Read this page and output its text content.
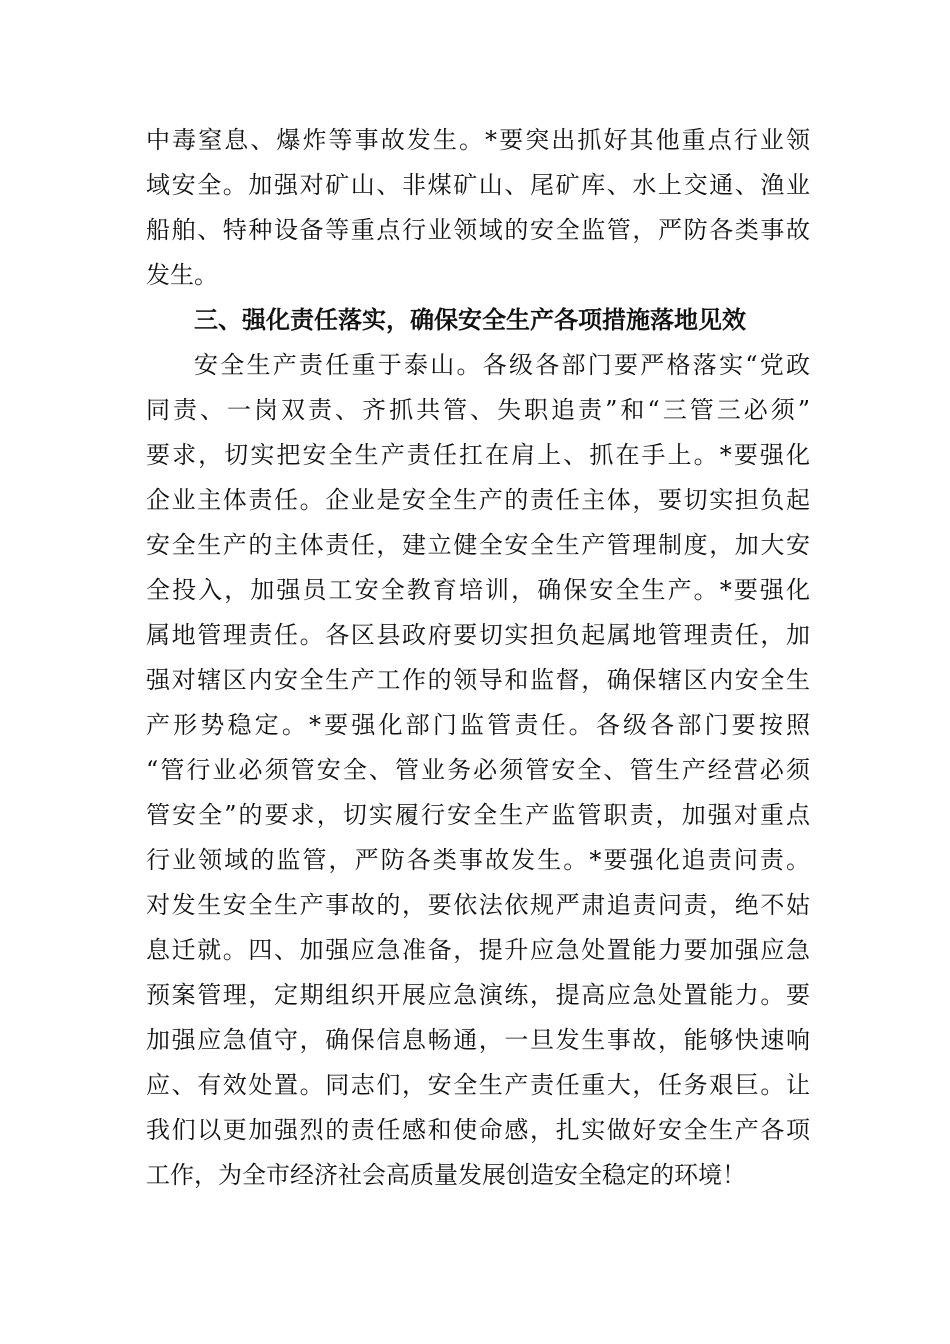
中毒窒息、爆炸等事故发生。*要突出抓好其他重点行业领
域安全。加强对矿山、非煤矿山、尾矿库、水上交通、渔业
船舶、特种设备等重点行业领域的安全监管，严防各类事故
发生。
三、强化责任落实，确保安全生产各项措施落地见效
安全生产责任重于泰山。各级各部门要严格落实“党政
同责、一岗双责、齐抓共管、失职追责”和“三管三必须”
要求，切实把安全生产责任扛在肩上、抓在手上。*要强化
企业主体责任。企业是安全生产的责任主体，要切实担负起
安全生产的主体责任，建立健全安全生产管理制度，加大安
全投入，加强员工安全教育培训，确保安全生产。*要强化
属地管理责任。各区县政府要切实担负起属地管理责任，加
强对辖区内安全生产工作的领导和监督，确保辖区内安全生
产形势稳定。*要强化部门监管责任。各级各部门要按照
“管行业必须管安全、管业务必须管安全、管生产经营必须
管安全”的要求，切实履行安全生产监管职责，加强对重点
行业领域的监管，严防各类事故发生。*要强化追责问责。
对发生安全生产事故的，要依法依规严肃追责问责，绝不姑
息迁就。四、加强应急准备，提升应急处置能力要加强应急
预案管理，定期组织开展应急演练，提高应急处置能力。要
加强应急值守，确保信息畅通，一旦发生事故，能够快速响
应、有效处置。同志们，安全生产责任重大，任务艰巨。让
我们以更加强烈的责任感和使命感，扎实做好安全生产各项
工作，为全市经济社会高质量发展创造安全稳定的环境！
